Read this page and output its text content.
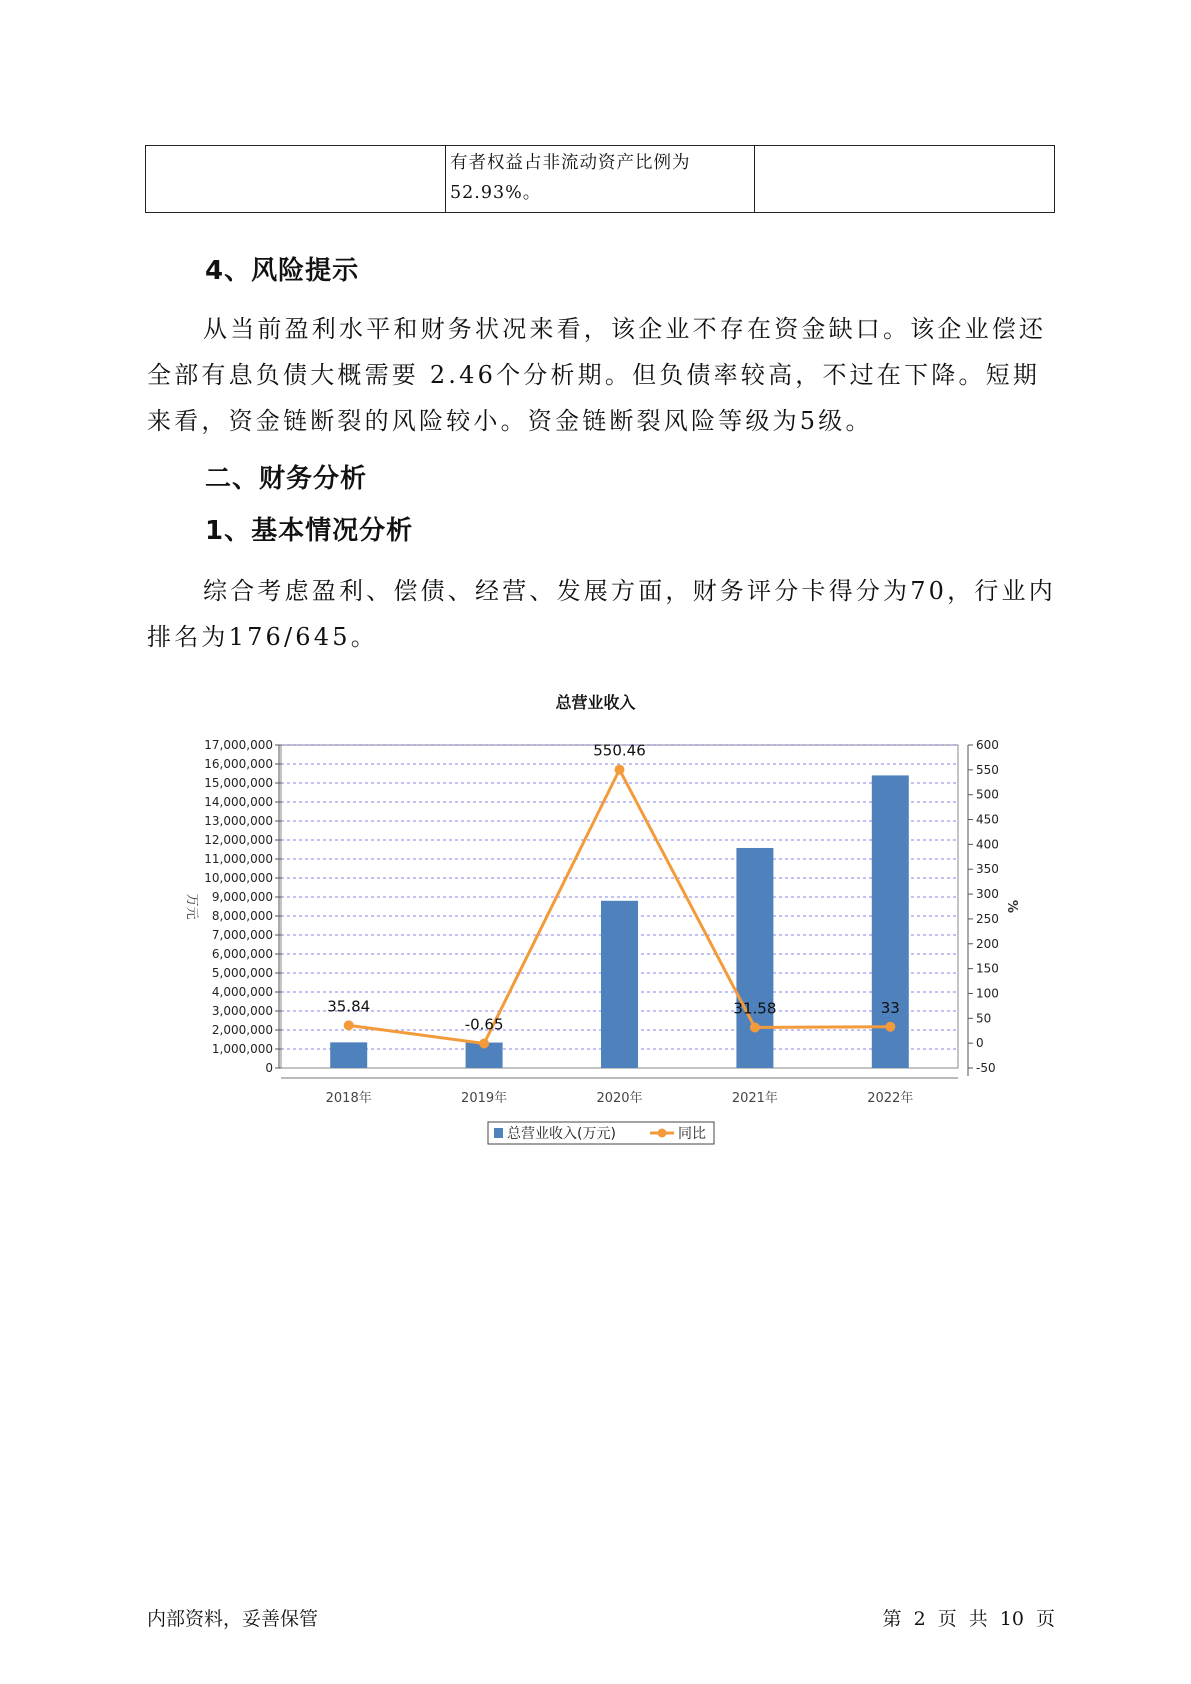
	有者权益占非流动资产比例为52.93%。	
4、风险提示

从当前盈利水平和财务状况来看，该企业不存在资金缺口。该企业偿还全部有息负债大概需要 2.46个分析期。但负债率较高，不过在下降。短期来看，资金链断裂的风险较小。资金链断裂风险等级为5级。

二、财务分析
1、基本情况分析

综合考虑盈利、偿债、经营、发展方面，财务评分卡得分为70，行业内排名为176/645。

总营业收入
0
1,000,000
2,000,000
3,000,000
4,000,000
5,000,000
6,000,000
7,000,000
8,000,000
9,000,000
10,000,000
11,000,000
12,000,000
13,000,000
14,000,000
15,000,000
16,000,000
17,000,000
-50
0
50
100
150
200
250
300
350
400
450
500
550
600
万元	%
2018年	2019年	2020年	2021年	2022年
35.84
-0.65
550.46
31.58	33
总营业收入(万元)	同比
内部资料，妥善保管	第 2 页 共 10 页
